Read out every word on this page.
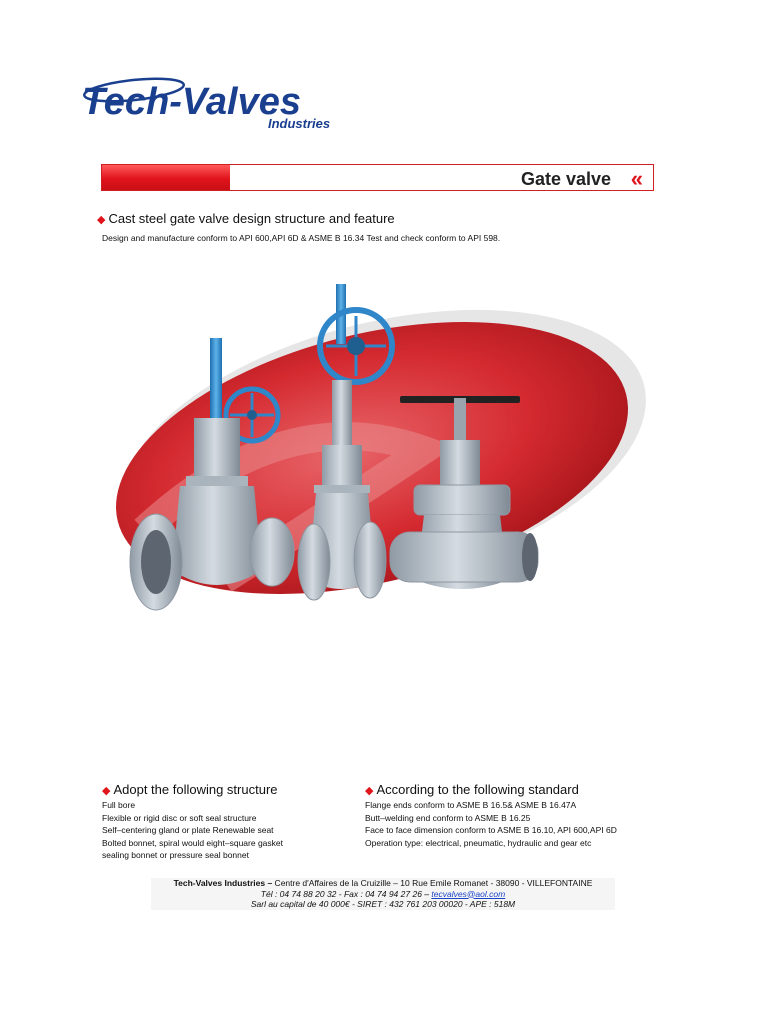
Tech-Valves
Industries
Gate valve «
◆ Cast steel gate valve design structure and feature
Design and manufacture conform to API 600,API 6D & ASME B 16.34 Test and check conform to API 598.
◆ Adopt the following structure
Full bore
Flexible or rigid disc or soft seal structure
Self–centering gland or plate Renewable seat
Bolted bonnet, spiral would eight–square gasket
sealing bonnet or pressure seal bonnet
◆ According to the following standard
Flange ends conform to ASME B 16.5& ASME B 16.47A
Butt–welding end conform to ASME B 16.25
Face to face dimension conform to ASME B 16.10, API 600,API 6D
Operation type: electrical, pneumatic, hydraulic and gear etc
Tech-Valves Industries – Centre d'Affaires de la Cruizille – 10 Rue Emile Romanet - 38090 - VILLEFONTAINE
Tél : 04 74 88 20 32 - Fax : 04 74 94 27 26 – tecvalves@aol.com
Sarl au capital de 40 000€ - SIRET : 432 761 203 00020 - APE : 518M
